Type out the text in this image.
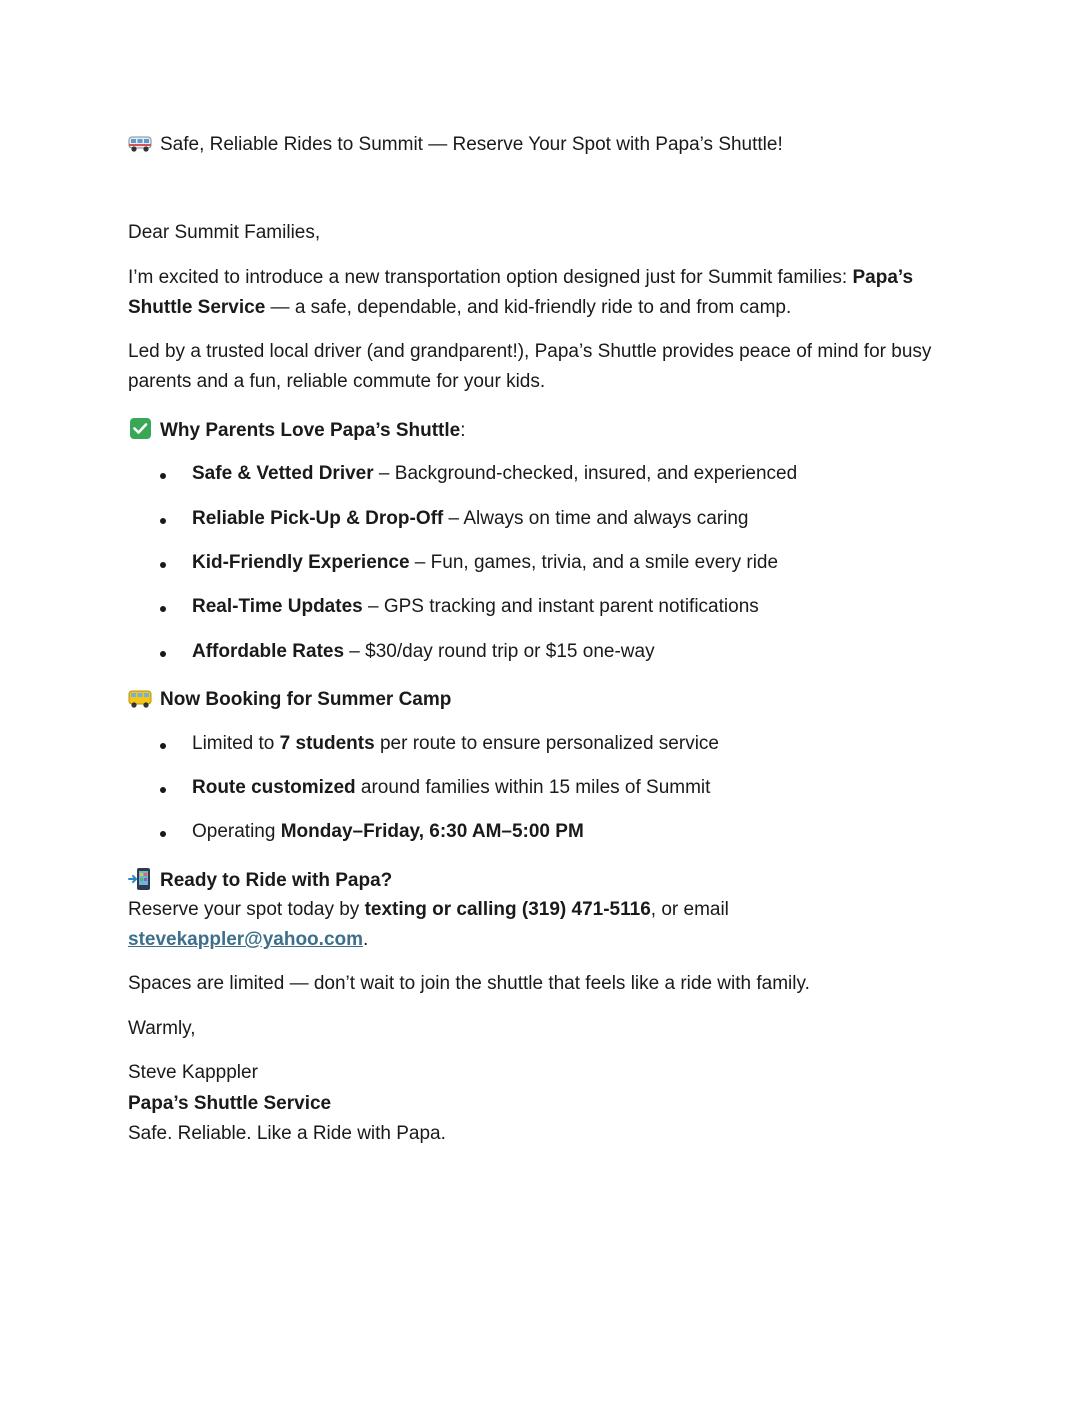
Safe, Reliable Rides to Summit — Reserve Your Spot with Papa’s Shuttle!
Dear Summit Families,
I’m excited to introduce a new transportation option designed just for Summit families: Papa’s Shuttle Service — a safe, dependable, and kid-friendly ride to and from camp.
Led by a trusted local driver (and grandparent!), Papa’s Shuttle provides peace of mind for busy parents and a fun, reliable commute for your kids.
Why Parents Love Papa’s Shuttle:
Safe & Vetted Driver – Background-checked, insured, and experienced
Reliable Pick-Up & Drop-Off – Always on time and always caring
Kid-Friendly Experience – Fun, games, trivia, and a smile every ride
Real-Time Updates – GPS tracking and instant parent notifications
Affordable Rates – $30/day round trip or $15 one-way
Now Booking for Summer Camp
Limited to 7 students per route to ensure personalized service
Route customized around families within 15 miles of Summit
Operating Monday–Friday, 6:30 AM–5:00 PM
Ready to Ride with Papa?
Reserve your spot today by texting or calling (319) 471-5116, or email
stevekappler@yahoo.com.
Spaces are limited — don’t wait to join the shuttle that feels like a ride with family.
Warmly,
Steve Kapppler
Papa’s Shuttle Service
Safe. Reliable. Like a Ride with Papa.
